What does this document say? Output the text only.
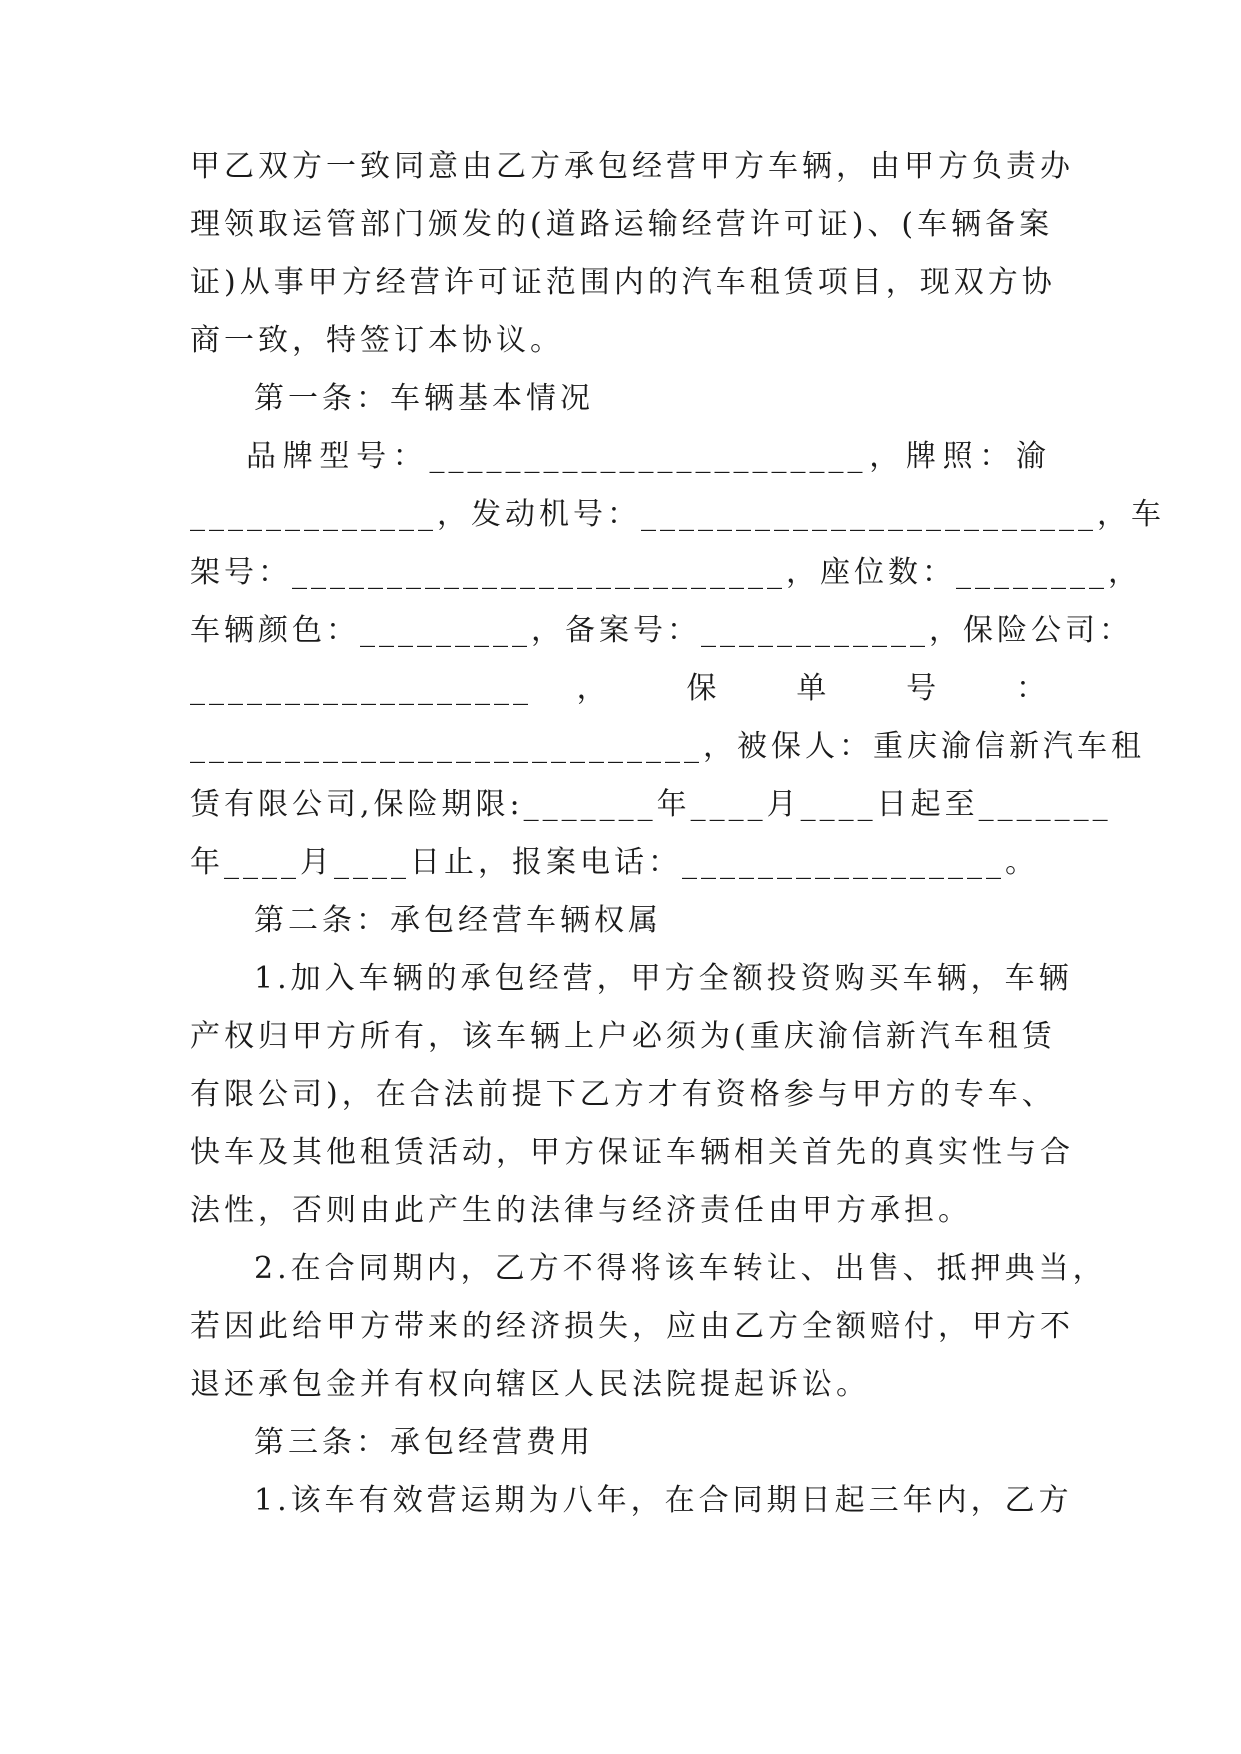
甲乙双方一致同意由乙方承包经营甲方车辆，由甲方负责办
理领取运管部门颁发的(道路运输经营许可证)、(车辆备案
证)从事甲方经营许可证范围内的汽车租赁项目，现双方协
商一致，特签订本协议。
第一条：车辆基本情况
品牌型号：_______________________，牌照：渝
_____________，发动机号：________________________，车
架号：__________________________，座位数：________，
车辆颜色：_________，备案号：____________，保险公司：
__________________ ， 保 单 号 ：
___________________________，被保人：重庆渝信新汽车租
赁有限公司,保险期限:_______年____月____日起至_______
年____月____日止，报案电话：_________________。
第二条：承包经营车辆权属
1.加入车辆的承包经营，甲方全额投资购买车辆，车辆
产权归甲方所有，该车辆上户必须为(重庆渝信新汽车租赁
有限公司)，在合法前提下乙方才有资格参与甲方的专车、
快车及其他租赁活动，甲方保证车辆相关首先的真实性与合
法性，否则由此产生的法律与经济责任由甲方承担。
2.在合同期内，乙方不得将该车转让、出售、抵押典当，
若因此给甲方带来的经济损失，应由乙方全额赔付，甲方不
退还承包金并有权向辖区人民法院提起诉讼。
第三条：承包经营费用
1.该车有效营运期为八年，在合同期日起三年内，乙方
